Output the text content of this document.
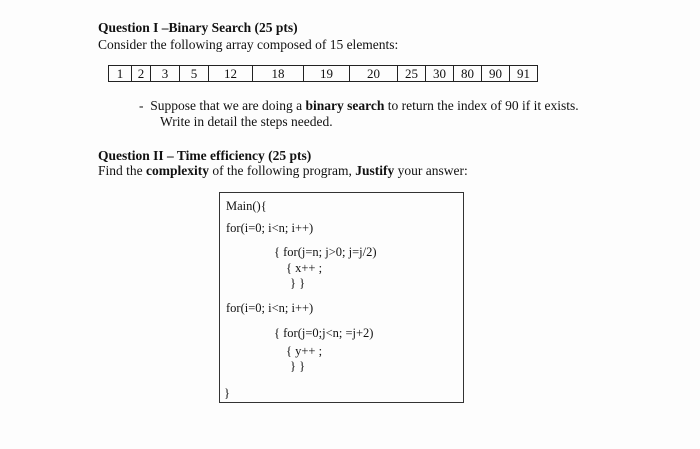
Question I –Binary Search (25 pts)
Consider the following array composed of 15 elements:
1	2	3	5	12	18	19	20	25	30	80	90	91
- Suppose that we are doing a binary search to return the index of 90 if it exists.
Write in detail the steps needed.
Question II – Time efficiency (25 pts)
Find the complexity of the following program, Justify your answer:
Main(){
for(i=0; i<n; i++)
{ for(j=n; j>0; j=j/2)
{ x++ ;
} }
for(i=0; i<n; i++)
{ for(j=0;j<n; =j+2)
{ y++ ;
} }
}
